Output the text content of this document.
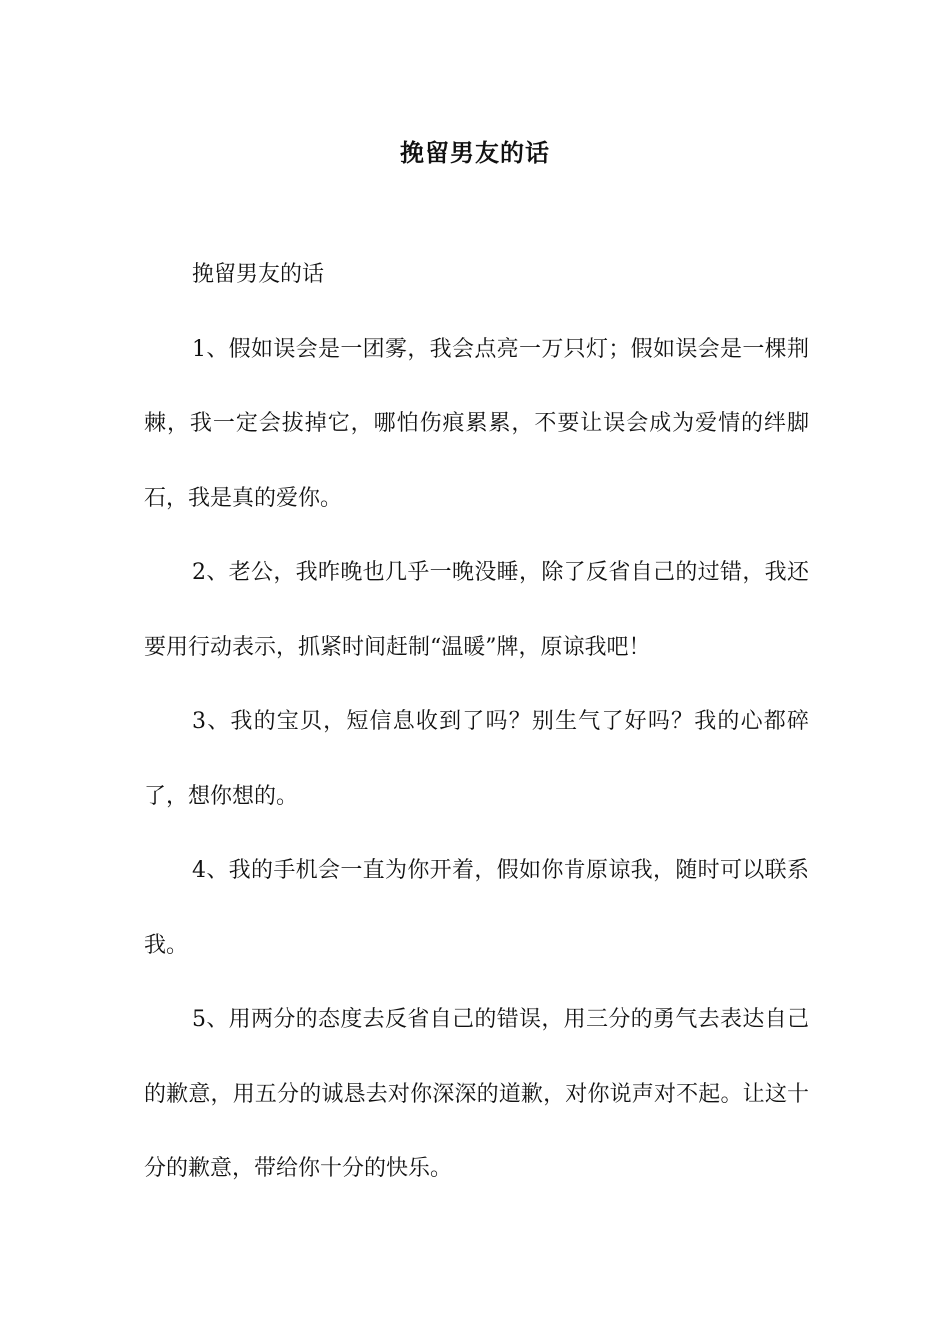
挽留男友的话

挽留男友的话

1、假如误会是一团雾，我会点亮一万只灯；假如误会是一棵荆棘，我一定会拔掉它，哪怕伤痕累累，不要让误会成为爱情的绊脚石，我是真的爱你。

2、老公，我昨晚也几乎一晚没睡，除了反省自己的过错，我还要用行动表示，抓紧时间赶制“温暖”牌，原谅我吧！

3、我的宝贝，短信息收到了吗？别生气了好吗？我的心都碎了，想你想的。

4、我的手机会一直为你开着，假如你肯原谅我，随时可以联系我。

5、用两分的态度去反省自己的错误，用三分的勇气去表达自己的歉意，用五分的诚恳去对你深深的道歉，对你说声对不起。让这十分的歉意，带给你十分的快乐。
